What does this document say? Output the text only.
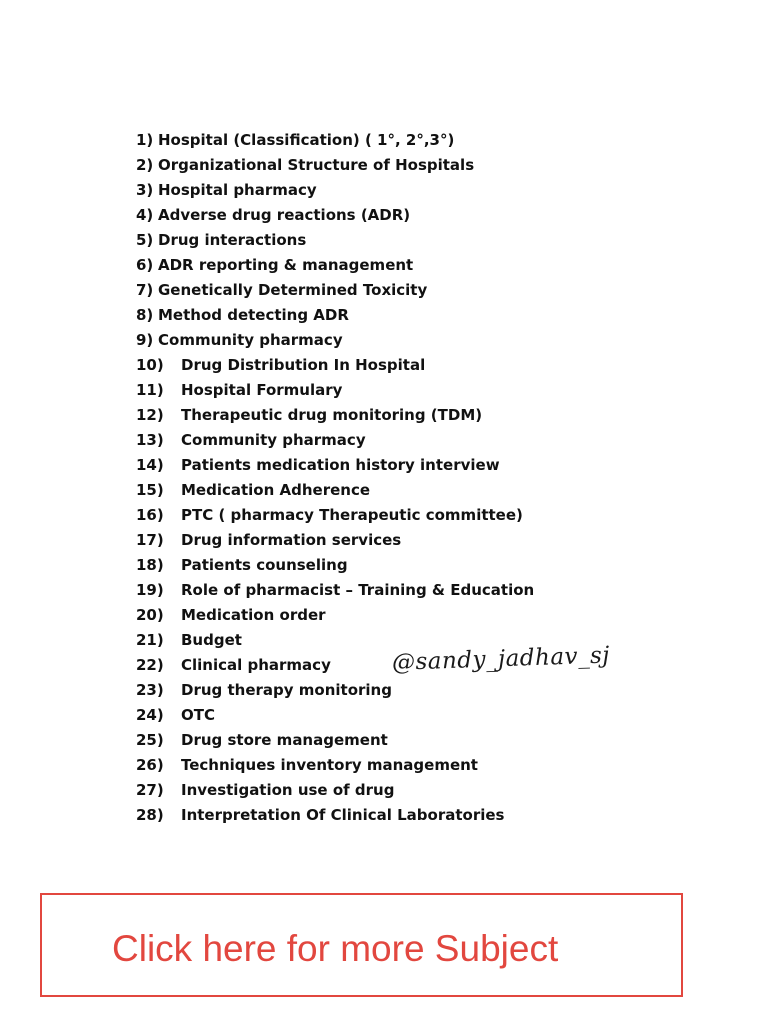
1) Hospital (Classification) ( 1°, 2°,3°)
2) Organizational Structure of Hospitals
3) Hospital pharmacy
4) Adverse drug reactions (ADR)
5) Drug interactions
6) ADR reporting & management
7) Genetically Determined Toxicity
8) Method detecting ADR
9) Community pharmacy
10)	Drug Distribution In Hospital
11)	Hospital Formulary
12)	Therapeutic drug monitoring (TDM)
13)	Community pharmacy
14)	Patients medication history interview
15)	Medication Adherence
16)	PTC ( pharmacy Therapeutic committee)
17)	Drug information services
18)	Patients counseling
19)	Role of pharmacist – Training & Education
20)	Medication order
21)	Budget
22)	Clinical pharmacy
23)	Drug therapy monitoring
24)	OTC
25)	Drug store management
26)	Techniques inventory management
27)	Investigation use of drug
28)	Interpretation Of Clinical Laboratories
@sandy_jadhav_sj
Click here for more Subject
